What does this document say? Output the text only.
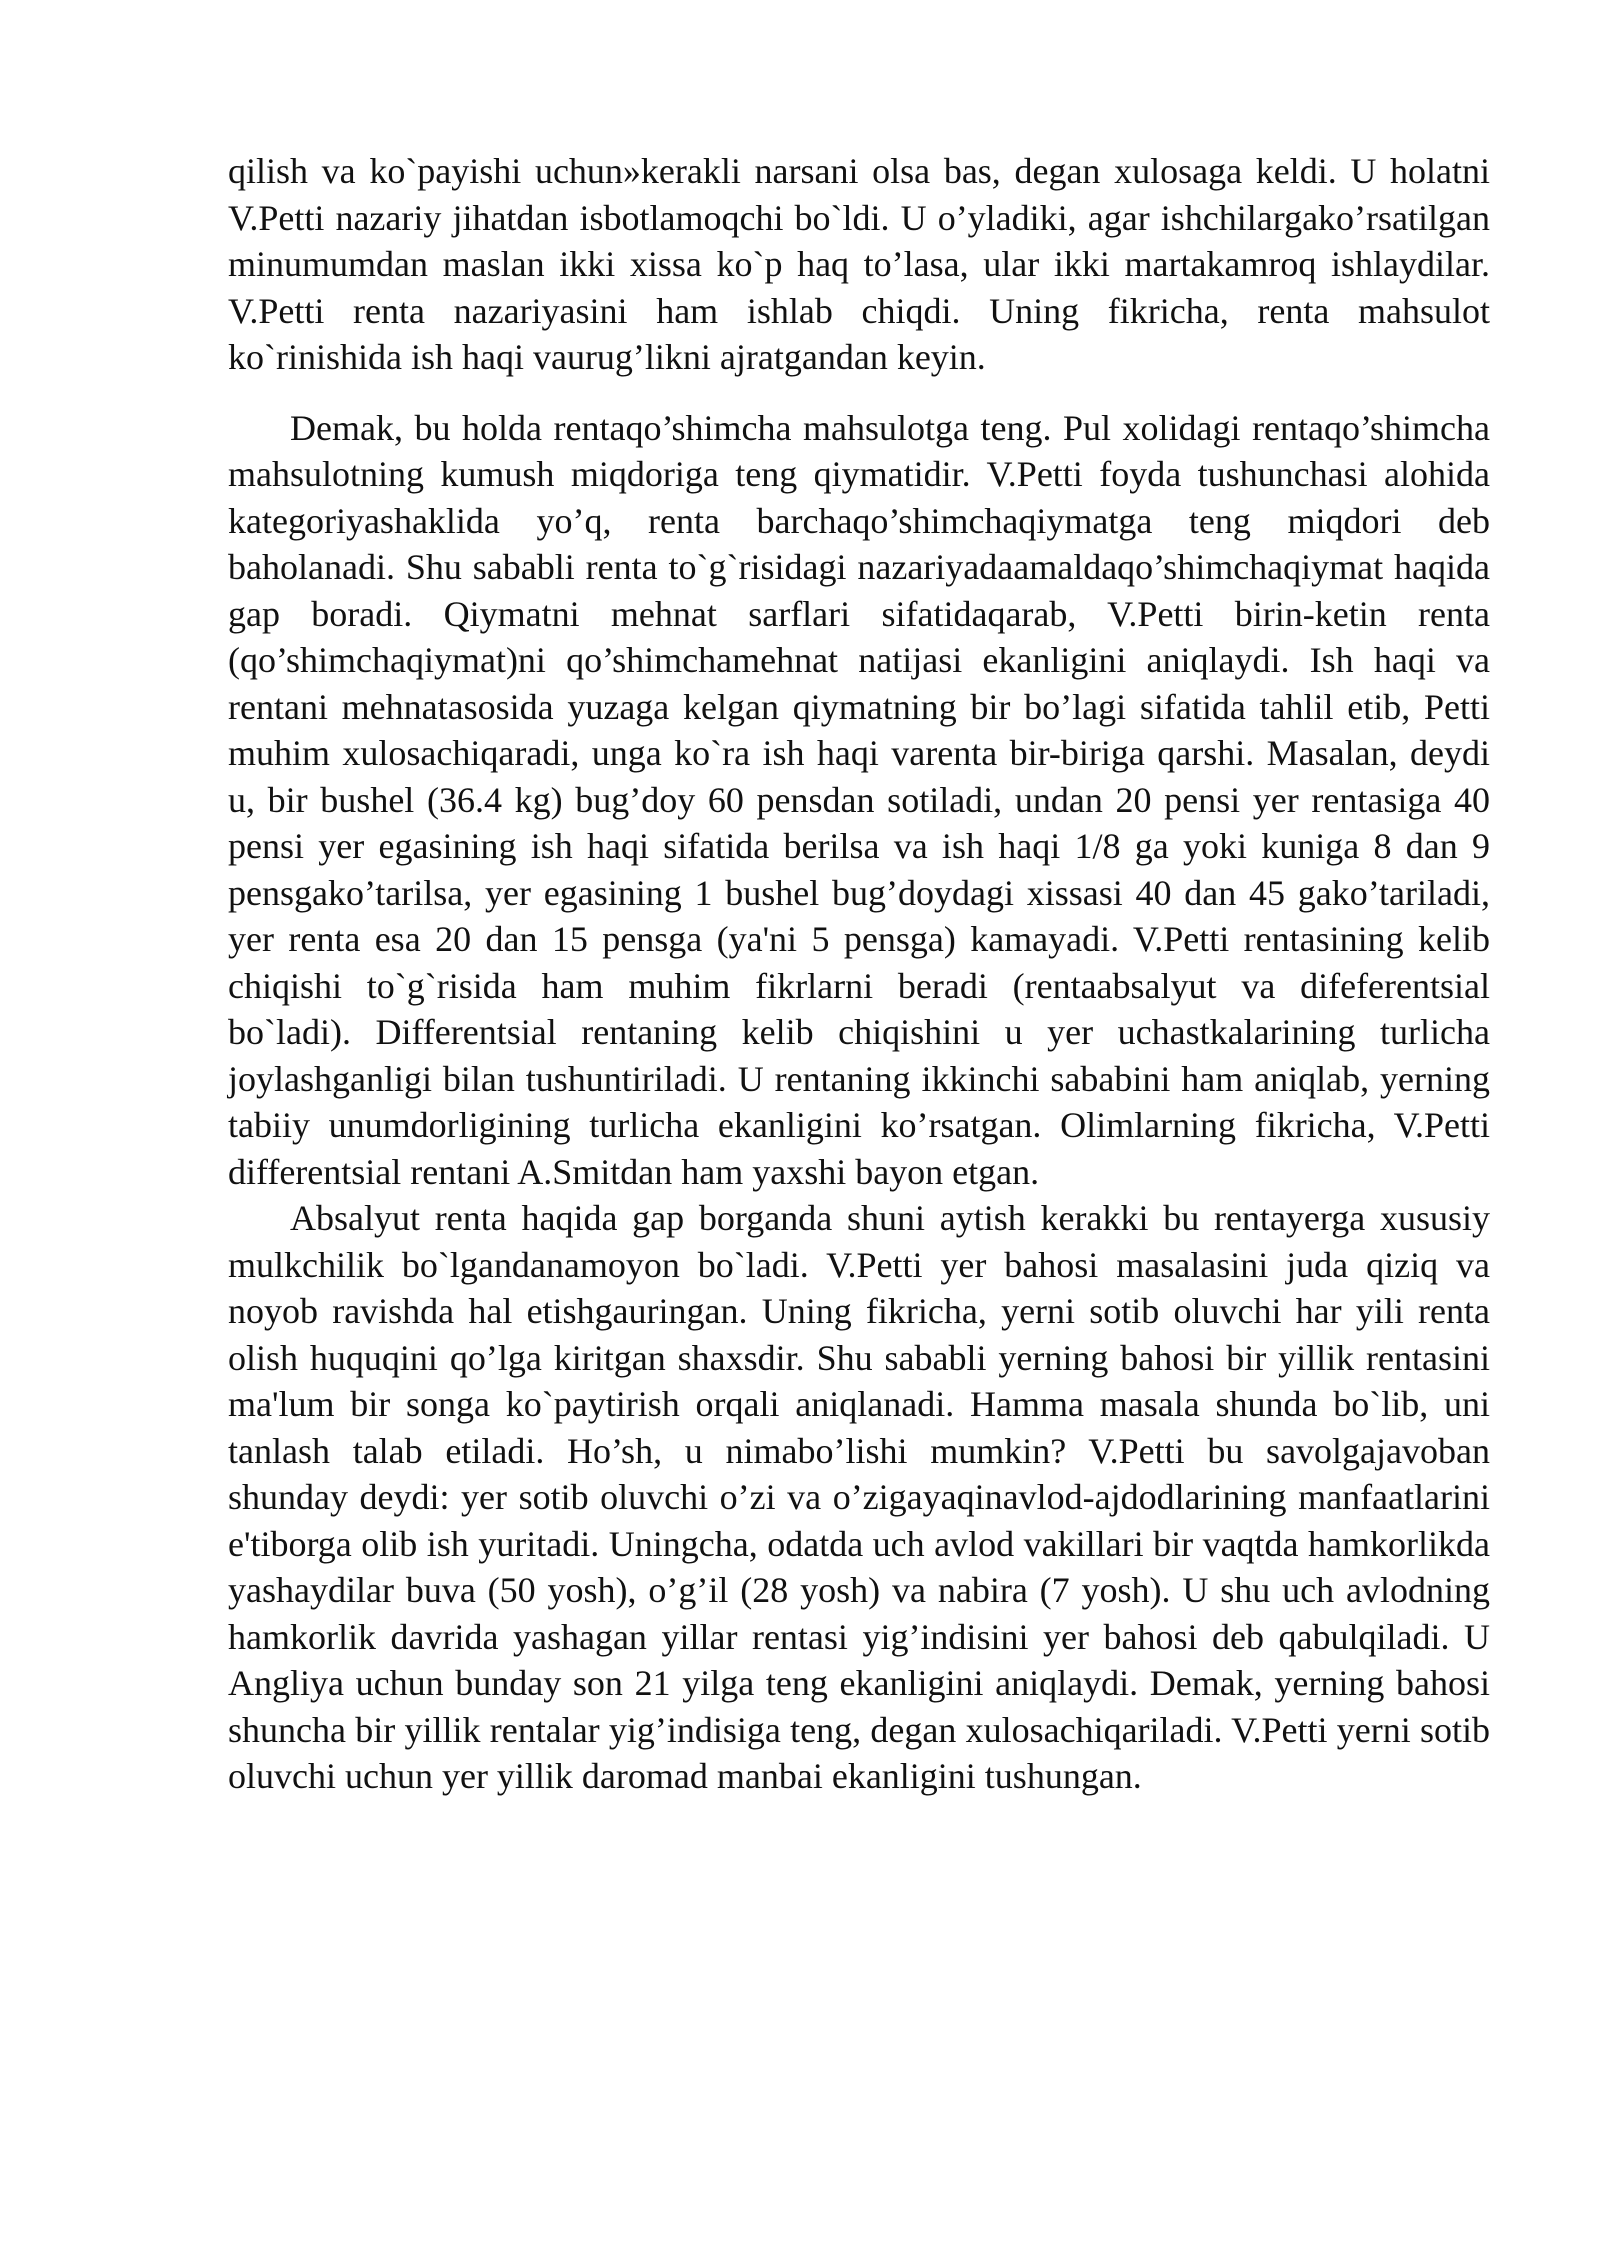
qilish va ko`payishi uchun»kerakli narsani olsa bas, degan xulosaga keldi. U holatni V.Petti nazariy jihatdan isbotlamoqchi bo`ldi. U o’yladiki, agar ishchilargako’rsatilgan minumumdan maslan ikki xissa ko`p haq to’lasa, ular ikki martakamroq ishlaydilar. V.Petti renta nazariyasini ham ishlab chiqdi. Uning fikricha, renta mahsulot ko`rinishida ish haqi vaurug’likni ajratgandan keyin.

Demak, bu holda rentaqo’shimcha mahsulotga teng. Pul xolidagi rentaqo’shimcha mahsulotning kumush miqdoriga teng qiymatidir. V.Petti foyda tushunchasi alohida kategoriyashaklida yo’q, renta barchaqo’shimchaqiymatga teng miqdori deb baholanadi. Shu sababli renta to`g`risidagi nazariyadaamaldaqo’shimchaqiymat haqida gap boradi. Qiymatni mehnat sarflari sifatidaqarab, V.Petti birin-ketin renta (qo’shimchaqiymat)ni qo’shimchamehnat natijasi ekanligini aniqlaydi. Ish haqi va rentani mehnatasosida yuzaga kelgan qiymatning bir bo’lagi sifatida tahlil etib, Petti muhim xulosachiqaradi, unga ko`ra ish haqi varenta bir-biriga qarshi. Masalan, deydi u, bir bushel (36.4 kg) bug’doy 60 pensdan sotiladi, undan 20 pensi yer rentasiga 40 pensi yer egasining ish haqi sifatida berilsa va ish haqi 1/8 ga yoki kuniga 8 dan 9 pensgako’tarilsa, yer egasining 1 bushel bug’doydagi xissasi 40 dan 45 gako’tariladi, yer renta esa 20 dan 15 pensga (ya'ni 5 pensga) kamayadi. V.Petti rentasining kelib chiqishi to`g`risida ham muhim fikrlarni beradi (rentaabsalyut va difeferentsial bo`ladi). Differentsial rentaning kelib chiqishini u yer uchastkalarining turlicha joylashganligi bilan tushuntiriladi. U rentaning ikkinchi sababini ham aniqlab, yerning tabiiy unumdorligining turlicha ekanligini ko’rsatgan. Olimlarning fikricha, V.Petti differentsial rentani A.Smitdan ham yaxshi bayon etgan.

Absalyut renta haqida gap borganda shuni aytish kerakki bu rentayerga xususiy mulkchilik bo`lgandanamoyon bo`ladi. V.Petti yer bahosi masalasini juda qiziq va noyob ravishda hal etishgauringan. Uning fikricha, yerni sotib oluvchi har yili renta olish huquqini qo’lga kiritgan shaxsdir. Shu sababli yerning bahosi bir yillik rentasini ma'lum bir songa ko`paytirish orqali aniqlanadi. Hamma masala shunda bo`lib, uni tanlash talab etiladi. Ho’sh, u nimabo’lishi mumkin? V.Petti bu savolgajavoban shunday deydi: yer sotib oluvchi o’zi va o’zigayaqinavlod-ajdodlarining manfaatlarini e'tiborga olib ish yuritadi. Uningcha, odatda uch avlod vakillari bir vaqtda hamkorlikda yashaydilar buva (50 yosh), o’g’il (28 yosh) va nabira (7 yosh). U shu uch avlodning hamkorlik davrida yashagan yillar rentasi yig’indisini yer bahosi deb qabulqiladi. U Angliya uchun bunday son 21 yilga teng ekanligini aniqlaydi. Demak, yerning bahosi shuncha bir yillik rentalar yig’indisiga teng, degan xulosachiqariladi. V.Petti yerni sotib oluvchi uchun yer yillik daromad manbai ekanligini tushungan.
